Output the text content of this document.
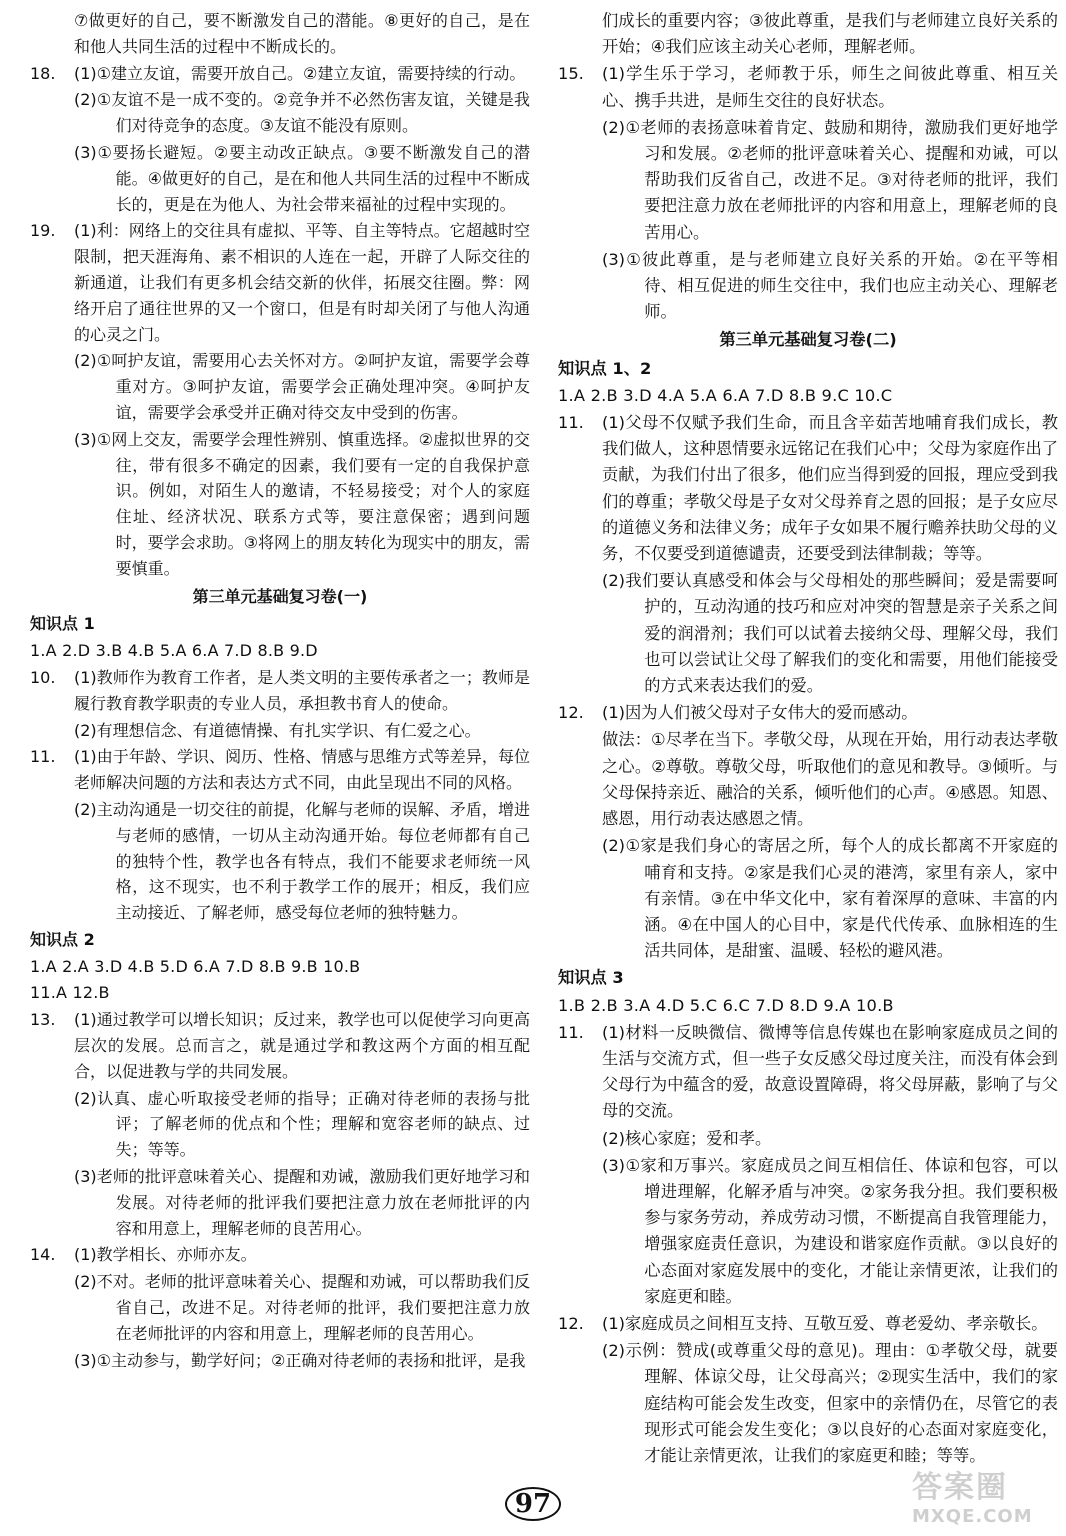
⑦做更好的自己，要不断激发自己的潜能。⑧更好的自己，是在和他人共同生活的过程中不断成长的。
18. (1)①建立友谊，需要开放自己。②建立友谊，需要持续的行动。
(2)①友谊不是一成不变的。②竞争并不必然伤害友谊，关键是我们对待竞争的态度。③友谊不能没有原则。
(3)①要扬长避短。②要主动改正缺点。③要不断激发自己的潜能。④做更好的自己，是在和他人共同生活的过程中不断成长的，更是在为他人、为社会带来福祉的过程中实现的。
19. (1)利：网络上的交往具有虚拟、平等、自主等特点。它超越时空限制，把天涯海角、素不相识的人连在一起，开辟了人际交往的新通道，让我们有更多机会结交新的伙伴，拓展交往圈。弊：网络开启了通往世界的又一个窗口，但是有时却关闭了与他人沟通的心灵之门。
(2)①呵护友谊，需要用心去关怀对方。②呵护友谊，需要学会尊重对方。③呵护友谊，需要学会正确处理冲突。④呵护友谊，需要学会承受并正确对待交友中受到的伤害。
(3)①网上交友，需要学会理性辨别、慎重选择。②虚拟世界的交往，带有很多不确定的因素，我们要有一定的自我保护意识。例如，对陌生人的邀请，不轻易接受；对个人的家庭住址、经济状况、联系方式等，要注意保密；遇到问题时，要学会求助。③将网上的朋友转化为现实中的朋友，需要慎重。
第三单元基础复习卷(一)
知识点 1
1.A 2.D 3.B 4.B 5.A 6.A 7.D 8.B 9.D
10. (1)教师作为教育工作者，是人类文明的主要传承者之一；教师是履行教育教学职责的专业人员，承担教书育人的使命。
(2)有理想信念、有道德情操、有扎实学识、有仁爱之心。
11. (1)由于年龄、学识、阅历、性格、情感与思维方式等差异，每位老师解决问题的方法和表达方式不同，由此呈现出不同的风格。
(2)主动沟通是一切交往的前提，化解与老师的误解、矛盾，增进与老师的感情，一切从主动沟通开始。每位老师都有自己的独特个性，教学也各有特点，我们不能要求老师统一风格，这不现实，也不利于教学工作的展开；相反，我们应主动接近、了解老师，感受每位老师的独特魅力。
知识点 2
1.A 2.A 3.D 4.B 5.D 6.A 7.D 8.B 9.B 10.B
11.A 12.B
13. (1)通过教学可以增长知识；反过来，教学也可以促使学习向更高层次的发展。总而言之，就是通过学和教这两个方面的相互配合，以促进教与学的共同发展。
(2)认真、虚心听取接受老师的指导；正确对待老师的表扬与批评；了解老师的优点和个性；理解和宽容老师的缺点、过失；等等。
(3)老师的批评意味着关心、提醒和劝诫，激励我们更好地学习和发展。对待老师的批评我们要把注意力放在老师批评的内容和用意上，理解老师的良苦用心。
14. (1)教学相长、亦师亦友。
(2)不对。老师的批评意味着关心、提醒和劝诫，可以帮助我们反省自己，改进不足。对待老师的批评，我们要把注意力放在老师批评的内容和用意上，理解老师的良苦用心。
(3)①主动参与，勤学好问；②正确对待老师的表扬和批评，是我
们成长的重要内容；③彼此尊重，是我们与老师建立良好关系的开始；④我们应该主动关心老师，理解老师。
15. (1)学生乐于学习，老师教于乐，师生之间彼此尊重、相互关心、携手共进，是师生交往的良好状态。
(2)①老师的表扬意味着肯定、鼓励和期待，激励我们更好地学习和发展。②老师的批评意味着关心、提醒和劝诫，可以帮助我们反省自己，改进不足。③对待老师的批评，我们要把注意力放在老师批评的内容和用意上，理解老师的良苦用心。
(3)①彼此尊重，是与老师建立良好关系的开始。②在平等相待、相互促进的师生交往中，我们也应主动关心、理解老师。
第三单元基础复习卷(二)
知识点 1、2
1.A 2.B 3.D 4.A 5.A 6.A 7.D 8.B 9.C 10.C
11. (1)父母不仅赋予我们生命，而且含辛茹苦地哺育我们成长，教我们做人，这种恩情要永远铭记在我们心中；父母为家庭作出了贡献，为我们付出了很多，他们应当得到爱的回报，理应受到我们的尊重；孝敬父母是子女对父母养育之恩的回报；是子女应尽的道德义务和法律义务；成年子女如果不履行赡养扶助父母的义务，不仅要受到道德谴责，还要受到法律制裁；等等。
(2)我们要认真感受和体会与父母相处的那些瞬间；爱是需要呵护的，互动沟通的技巧和应对冲突的智慧是亲子关系之间爱的润滑剂；我们可以试着去接纳父母、理解父母，我们也可以尝试让父母了解我们的变化和需要，用他们能接受的方式来表达我们的爱。
12. (1)因为人们被父母对子女伟大的爱而感动。
做法：①尽孝在当下。孝敬父母，从现在开始，用行动表达孝敬之心。②尊敬。尊敬父母，听取他们的意见和教导。③倾听。与父母保持亲近、融洽的关系，倾听他们的心声。④感恩。知恩、感恩，用行动表达感恩之情。
(2)①家是我们身心的寄居之所，每个人的成长都离不开家庭的哺育和支持。②家是我们心灵的港湾，家里有亲人，家中有亲情。③在中华文化中，家有着深厚的意味、丰富的内涵。④在中国人的心目中，家是代代传承、血脉相连的生活共同体，是甜蜜、温暖、轻松的避风港。
知识点 3
1.B 2.B 3.A 4.D 5.C 6.C 7.D 8.D 9.A 10.B
11. (1)材料一反映微信、微博等信息传媒也在影响家庭成员之间的生活与交流方式，但一些子女反感父母过度关注，而没有体会到父母行为中蕴含的爱，故意设置障碍，将父母屏蔽，影响了与父母的交流。
(2)核心家庭；爱和孝。
(3)①家和万事兴。家庭成员之间互相信任、体谅和包容，可以增进理解，化解矛盾与冲突。②家务我分担。我们要积极参与家务劳动，养成劳动习惯，不断提高自我管理能力，增强家庭责任意识，为建设和谐家庭作贡献。③以良好的心态面对家庭发展中的变化，才能让亲情更浓，让我们的家庭更和睦。
12. (1)家庭成员之间相互支持、互敬互爱、尊老爱幼、孝亲敬长。
(2)示例：赞成(或尊重父母的意见)。理由：①孝敬父母，就要理解、体谅父母，让父母高兴；②现实生活中，我们的家庭结构可能会发生改变，但家中的亲情仍在，尽管它的表现形式可能会发生变化；③以良好的心态面对家庭变化，才能让亲情更浓，让我们的家庭更和睦；等等。
97	答案圈
MXQE.COM
